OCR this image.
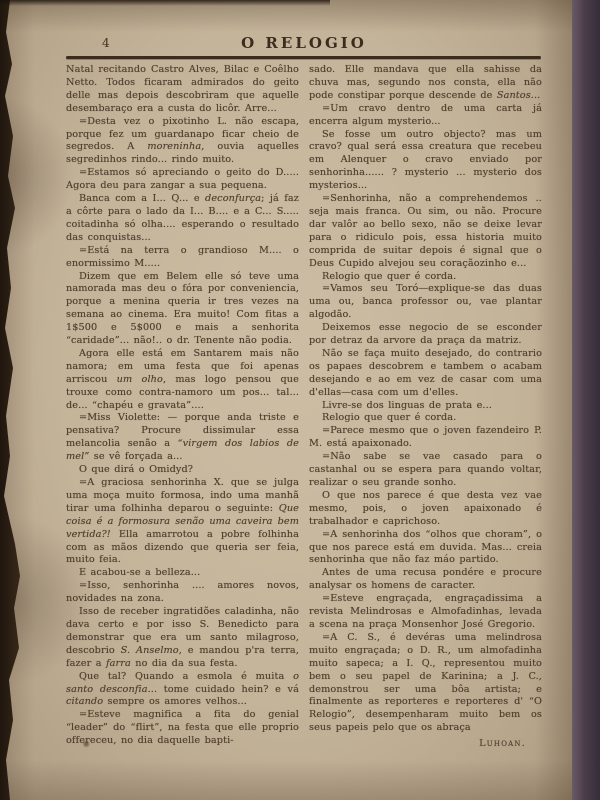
4	O RELOGIO

Natal recitando Castro Alves, Bilac e Coêlho Netto. Todos ficaram admirados do geito delle mas depois descobriram que aquelle desembaraço era a custa do licôr. Arre...

=Desta vez o pixotinho L. não escapa, porque fez um guardanapo ficar cheio de segredos. A moreninha, ouvia aquelles segredinhos rindo... rindo muito.

=Estamos só apreciando o geito do D..... Agora deu para zangar a sua pequena.

Banca com a I... Q... e deconfurça; já faz a côrte para o lado da I... B.... e a C... S..... coitadinha só olha.... esperando o resultado das conquistas...

=Está na terra o grandioso M.... o enormissimo M.....

Dizem que em Belem elle só teve uma namorada mas deu o fóra por conveniencia, porque a menina queria ir tres vezes na semana ao cinema. Era muito! Com fitas a 1$500 e 5$000 e mais a senhorita “caridade”... não!.. o dr. Tenente não podia.

Agora elle está em Santarem mais não namora; em uma festa que foi apenas arriscou um olho, mas logo pensou que trouxe como contra-namoro um pos... tal... de... “chapéu e gravata”....

=Miss Violette: — porque anda triste e pensativa? Procure dissimular essa melancolia senão a “virgem dos labios de mel” se vê forçada a...

O que dirá o Omidyd?

=A graciosa senhorinha X. que se julga uma moça muito formosa, indo uma manhã tirar uma folhinha deparou o seguinte: Que coisa é a formosura senão uma caveira bem vertida?! Ella amarrotou a pobre folhinha com as mãos dizendo que queria ser feia, muito feia.

E acabou-se a belleza...

=Isso, senhorinha .... amores novos, novidades na zona.

Isso de receber ingratidões caladinha, não dava certo e por isso S. Benedicto para demonstrar que era um santo milagroso, descobrio S. Anselmo, e mandou p'ra terra, fazer a farra no dia da sua festa.

Que tal? Quando a esmola é muita o santo desconfia... tome cuidado hein? e vá citando sempre os amores velhos...

=Esteve magnifica a fita do genial “leader” do “flirt”, na festa que elle proprio offereceu, no dia daquelle bapti-

sado. Elle mandava que ella sahisse da chuva mas, segundo nos consta, ella não pode constipar porque descende de Santos...

=Um cravo dentro de uma carta já encerra algum mysterio...

Se fosse um outro objecto? mas um cravo? qual será essa creatura que recebeu em Alenquer o cravo enviado por senhorinha...... ? mysterio ... mysterio dos mysterios...

=Senhorinha, não a comprehendemos .. seja mais franca. Ou sim, ou não. Procure dar valôr ao bello sexo, não se deixe levar para o ridiculo pois, essa historia muito comprida de suitar depois é signal que o Deus Cupido alvejou seu coraçãozinho e...

Relogio que quer é corda.

=Vamos seu Toró—explique-se das duas uma ou, banca professor ou, vae plantar algodão.

Deixemos esse negocio de se esconder por detraz da arvore da praça da matriz.

Não se faça muito desejado, do contrario os papaes descobrem e tambem o acabam desejando e ao em vez de casar com uma d'ellas—casa com um d'elles.

Livre-se dos linguas de prata e...

Relogio que quer é corda.

=Parece mesmo que o joven fazendeiro P. M. está apaixonado.

=Não sabe se vae casado para o castanhal ou se espera para quando voltar, realizar o seu grande sonho.

O que nos parece é que desta vez vae mesmo, pois, o joven apaixonado é trabalhador e caprichoso.

=A senhorinha dos “olhos que choram”, o que nos parece está em duvida. Mas... creia senhorinha que não faz máo partido.

Antes de uma recusa pondére e procure analysar os homens de caracter.

=Esteve engraçada, engraçadissima a revista Melindrosas e Almofadinhas, levada a scena na praça Monsenhor José Gregorio.

=A C. S., é devéras uma melindrosa muito engraçada; o D. R., um almofadinha muito sapeca; a I. Q., representou muito bem o seu papel de Karinina; a J. C., demonstrou ser uma bôa artista; e finalmente as reporteres e reporteres d' “O Relogio”, desempenharam muito bem os seus papeis pelo que os abraça

Luhoan.
